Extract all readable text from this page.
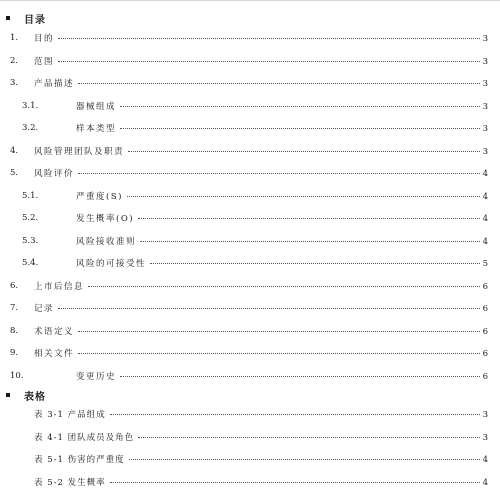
目录
1. 目的	3
2. 范围	3
3. 产品描述	3
3.1.	器械组成	3
3.2.	样本类型	3
4. 风险管理团队及职责	3
5. 风险评价	4
5.1.	严重度(S)	4
5.2.	发生概率(O)	4
5.3.	风险接收准则	4
5.4.	风险的可接受性	5
6. 上市后信息	6
7. 记录	6
8. 术语定义	6
9. 相关文件	6
10.	变更历史	6
表格
表 3-1 产品组成	3
表 4-1 团队成员及角色	3
表 5-1 伤害的严重度	4
表 5-2 发生概率	4
